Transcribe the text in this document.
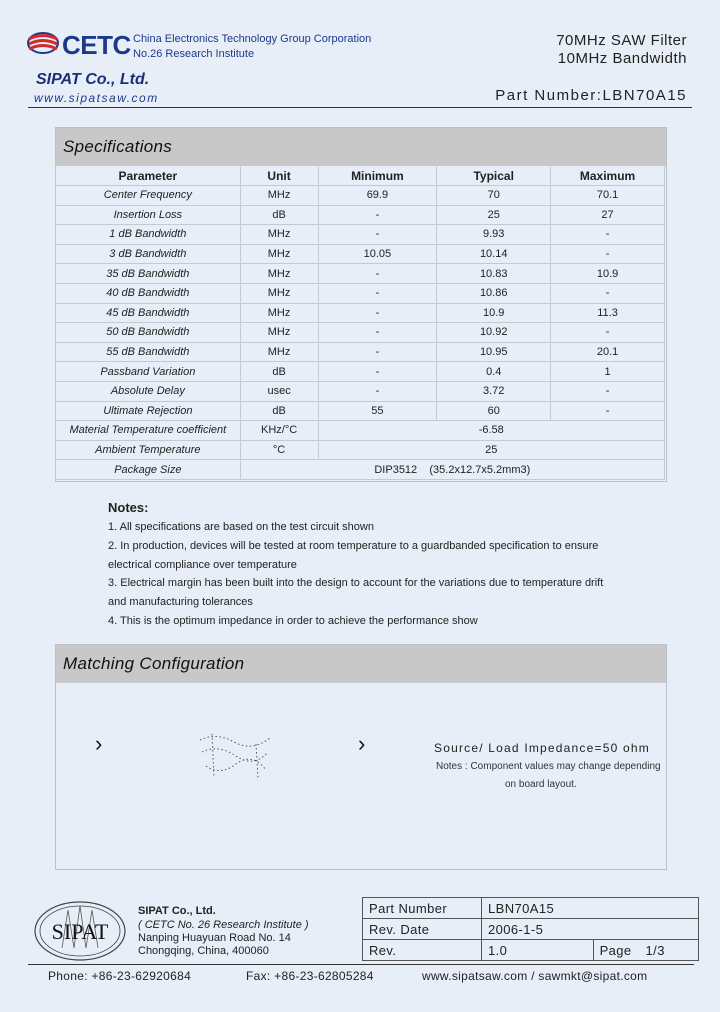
CETC China Electronics Technology Group Corporation
No.26 Research Institute
SIPAT Co., Ltd.
www.sipatsaw.com
70MHz SAW Filter
10MHz Bandwidth
Part Number:LBN70A15
Specifications
Parameter	Unit	Minimum	Typical	Maximum
Center Frequency	MHz	69.9	70	70.1
Insertion Loss	dB	-	25	27
1 dB Bandwidth	MHz	-	9.93	-
3 dB Bandwidth	MHz	10.05	10.14	-
35 dB Bandwidth	MHz	-	10.83	10.9
40 dB Bandwidth	MHz	-	10.86	-
45 dB Bandwidth	MHz	-	10.9	11.3
50 dB Bandwidth	MHz	-	10.92	-
55 dB Bandwidth	MHz	-	10.95	20.1
Passband Variation	dB	-	0.4	1
Absolute Delay	usec	-	3.72	-
Ultimate Rejection	dB	55	60	-
Material Temperature coefficient	KHz/°C	-6.58		
Ambient Temperature	°C	25		
Package Size	DIP3512    (35.2x12.7x5.2mm3)			
Notes:
1. All specifications are based on the test circuit shown
2. In production, devices will be tested at room temperature to a guardbanded specification to ensure
electrical compliance over temperature
3. Electrical margin has been built into the design to account for the variations due to temperature drift
and manufacturing tolerances
4. This is the optimum impedance in order to achieve the performance show
Matching Configuration
›	›	Source/ Load Impedance=50 ohm
Notes : Component values may change depending
on board layout.
SIPAT
SIPAT Co., Ltd.
( CETC No. 26 Research Institute )
Nanping Huayuan Road No. 14
Chongqing, China, 400060
Part Number	LBN70A15	
Rev. Date	2006-1-5	
Rev.	1.0	Page 1/3
Phone: +86-23-62920684	Fax: +86-23-62805284	www.sipatsaw.com / sawmkt@sipat.com
